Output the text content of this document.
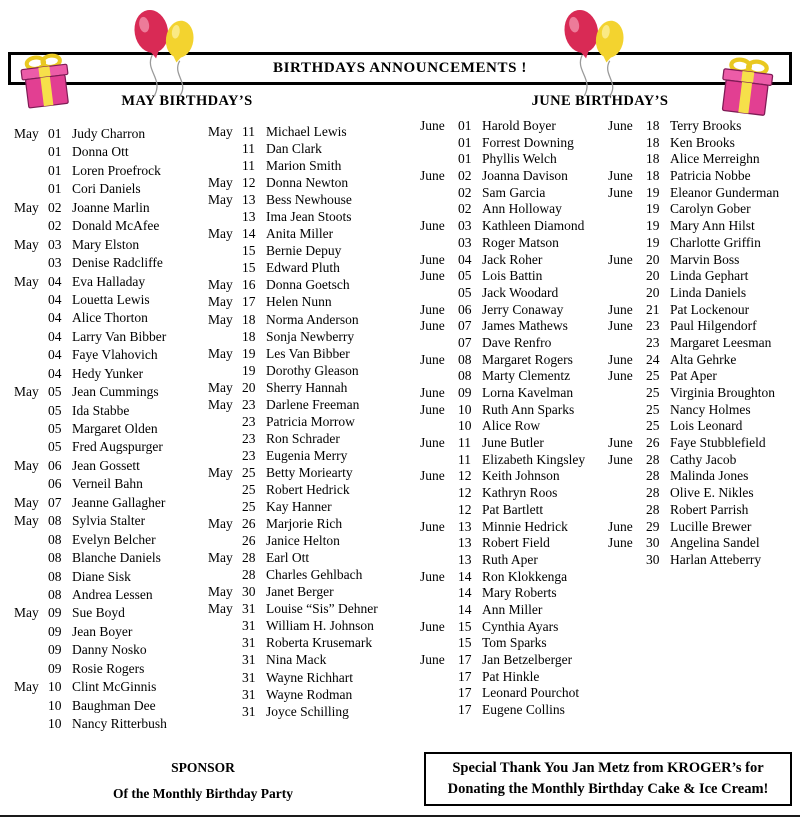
BIRTHDAYS ANNOUNCEMENTS !
MAY BIRTHDAY’S	JUNE BIRTHDAY’S
May 01 Judy Charron
01 Donna Ott
01 Loren Proefrock
01 Cori Daniels
May 02 Joanne Marlin
02 Donald McAfee
May 03 Mary Elston
03 Denise Radcliffe
May 04 Eva Halladay
04 Louetta Lewis
04 Alice Thorton
04 Larry Van Bibber
04 Faye Vlahovich
04 Hedy Yunker
May 05 Jean Cummings
05 Ida Stabbe
05 Margaret Olden
05 Fred Augspurger
May 06 Jean Gossett
06 Verneil Bahn
May 07 Jeanne Gallagher
May 08 Sylvia Stalter
08 Evelyn Belcher
08 Blanche Daniels
08 Diane Sisk
08 Andrea Lessen
May 09 Sue Boyd
09 Jean Boyer
09 Danny Nosko
09 Rosie Rogers
May 10 Clint McGinnis
10 Baughman Dee
10 Nancy Ritterbush
May 11 Michael Lewis
11 Dan Clark
11 Marion Smith
May 12 Donna Newton
May 13 Bess Newhouse
13 Ima Jean Stoots
May 14 Anita Miller
15 Bernie Depuy
15 Edward Pluth
May 16 Donna Goetsch
May 17 Helen Nunn
May 18 Norma Anderson
18 Sonja Newberry
May 19 Les Van Bibber
19 Dorothy Gleason
May 20 Sherry Hannah
May 23 Darlene Freeman
23 Patricia Morrow
23 Ron Schrader
23 Eugenia Merry
May 25 Betty Moriearty
25 Robert Hedrick
25 Kay Hanner
May 26 Marjorie Rich
26 Janice Helton
May 28 Earl Ott
28 Charles Gehlbach
May 30 Janet Berger
May 31 Louise “Sis” Dehner
31 William H. Johnson
31 Roberta Krusemark
31 Nina Mack
31 Wayne Richhart
31 Wayne Rodman
31 Joyce Schilling
June 01 Harold Boyer
01 Forrest Downing
01 Phyllis Welch
June 02 Joanna Davison
02 Sam Garcia
02 Ann Holloway
June 03 Kathleen Diamond
03 Roger Matson
June 04 Jack Roher
June 05 Lois Battin
05 Jack Woodard
June 06 Jerry Conaway
June 07 James Mathews
07 Dave Renfro
June 08 Margaret Rogers
08 Marty Clementz
June 09 Lorna Kavelman
June 10 Ruth Ann Sparks
10 Alice Row
June 11 June Butler
11 Elizabeth Kingsley
June 12 Keith Johnson
12 Kathryn Roos
12 Pat Bartlett
June 13 Minnie Hedrick
13 Robert Field
13 Ruth Aper
June 14 Ron Klokkenga
14 Mary Roberts
14 Ann Miller
June 15 Cynthia Ayars
15 Tom Sparks
June 17 Jan Betzelberger
17 Pat Hinkle
17 Leonard Pourchot
17 Eugene Collins
June 18 Terry Brooks
18 Ken Brooks
18 Alice Merreighn
June 18 Patricia Nobbe
June 19 Eleanor Gunderman
19 Carolyn Gober
19 Mary Ann Hilst
19 Charlotte Griffin
June 20 Marvin Boss
20 Linda Gephart
20 Linda Daniels
June 21 Pat Lockenour
June 23 Paul Hilgendorf
23 Margaret Leesman
June 24 Alta Gehrke
June 25 Pat Aper
25 Virginia Broughton
25 Nancy Holmes
25 Lois Leonard
June 26 Faye Stubblefield
June 28 Cathy Jacob
28 Malinda Jones
28 Olive E. Nikles
28 Robert Parrish
June 29 Lucille Brewer
June 30 Angelina Sandel
30 Harlan Atteberry
SPONSOR
Of the Monthly Birthday Party
Special Thank You Jan Metz from KROGER’s for
Donating the Monthly Birthday Cake & Ice Cream!
